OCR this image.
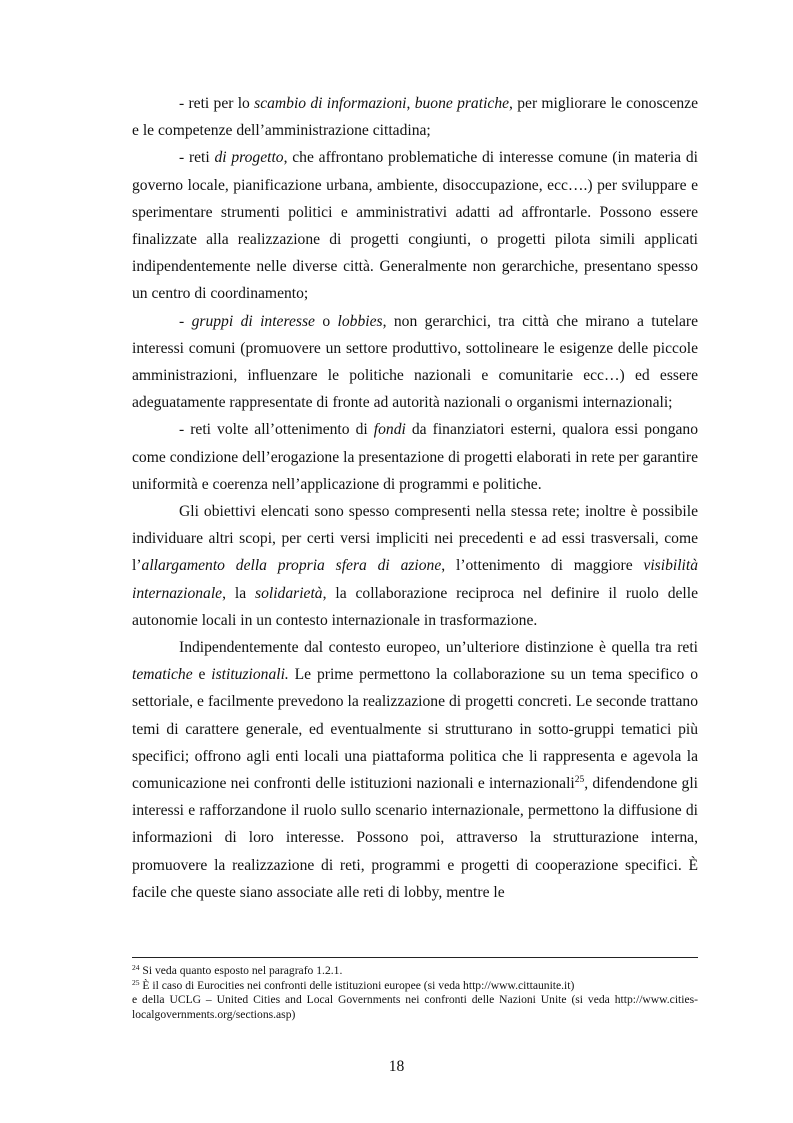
- reti per lo scambio di informazioni, buone pratiche, per migliorare le conoscenze e le competenze dell’amministrazione cittadina;

- reti di progetto, che affrontano problematiche di interesse comune (in materia di governo locale, pianificazione urbana, ambiente, disoccupazione, ecc….) per sviluppare e sperimentare strumenti politici e amministrativi adatti ad affrontarle. Possono essere finalizzate alla realizzazione di progetti congiunti, o progetti pilota simili applicati indipendentemente nelle diverse città. Generalmente non gerarchiche, presentano spesso un centro di coordinamento;

- gruppi di interesse o lobbies, non gerarchici, tra città che mirano a tutelare interessi comuni (promuovere un settore produttivo, sottolineare le esigenze delle piccole amministrazioni, influenzare le politiche nazionali e comunitarie ecc…) ed essere adeguatamente rappresentate di fronte ad autorità nazionali o organismi internazionali;

- reti volte all’ottenimento di fondi da finanziatori esterni, qualora essi pongano come condizione dell’erogazione la presentazione di progetti elaborati in rete per garantire uniformità e coerenza nell’applicazione di programmi e politiche.

Gli obiettivi elencati sono spesso compresenti nella stessa rete; inoltre è possibile individuare altri scopi, per certi versi impliciti nei precedenti e ad essi trasversali, come l’allargamento della propria sfera di azione, l’ottenimento di maggiore visibilità internazionale, la solidarietà, la collaborazione reciproca nel definire il ruolo delle autonomie locali in un contesto internazionale in trasformazione.

Indipendentemente dal contesto europeo, un’ulteriore distinzione è quella tra reti tematiche e istituzionali. Le prime permettono la collaborazione su un tema specifico o settoriale, e facilmente prevedono la realizzazione di progetti concreti. Le seconde trattano temi di carattere generale, ed eventualmente si strutturano in sotto-gruppi tematici più specifici; offrono agli enti locali una piattaforma politica che li rappresenta e agevola la comunicazione nei confronti delle istituzioni nazionali e internazionali$^{25}$, difendendone gli interessi e rafforzandone il ruolo sullo scenario internazionale, permettono la diffusione di informazioni di loro interesse. Possono poi, attraverso la strutturazione interna, promuovere la realizzazione di reti, programmi e progetti di cooperazione specifici. È facile che queste siano associate alle reti di lobby, mentre le

$^{24}$ Si veda quanto esposto nel paragrafo 1.2.1.

$^{25}$ È il caso di Eurocities nei confronti delle istituzioni europee (si veda http://www.cittaunite.it)

e della UCLG – United Cities and Local Governments nei confronti delle Nazioni Unite (si veda http://www.cities-localgovernments.org/sections.asp)

18
